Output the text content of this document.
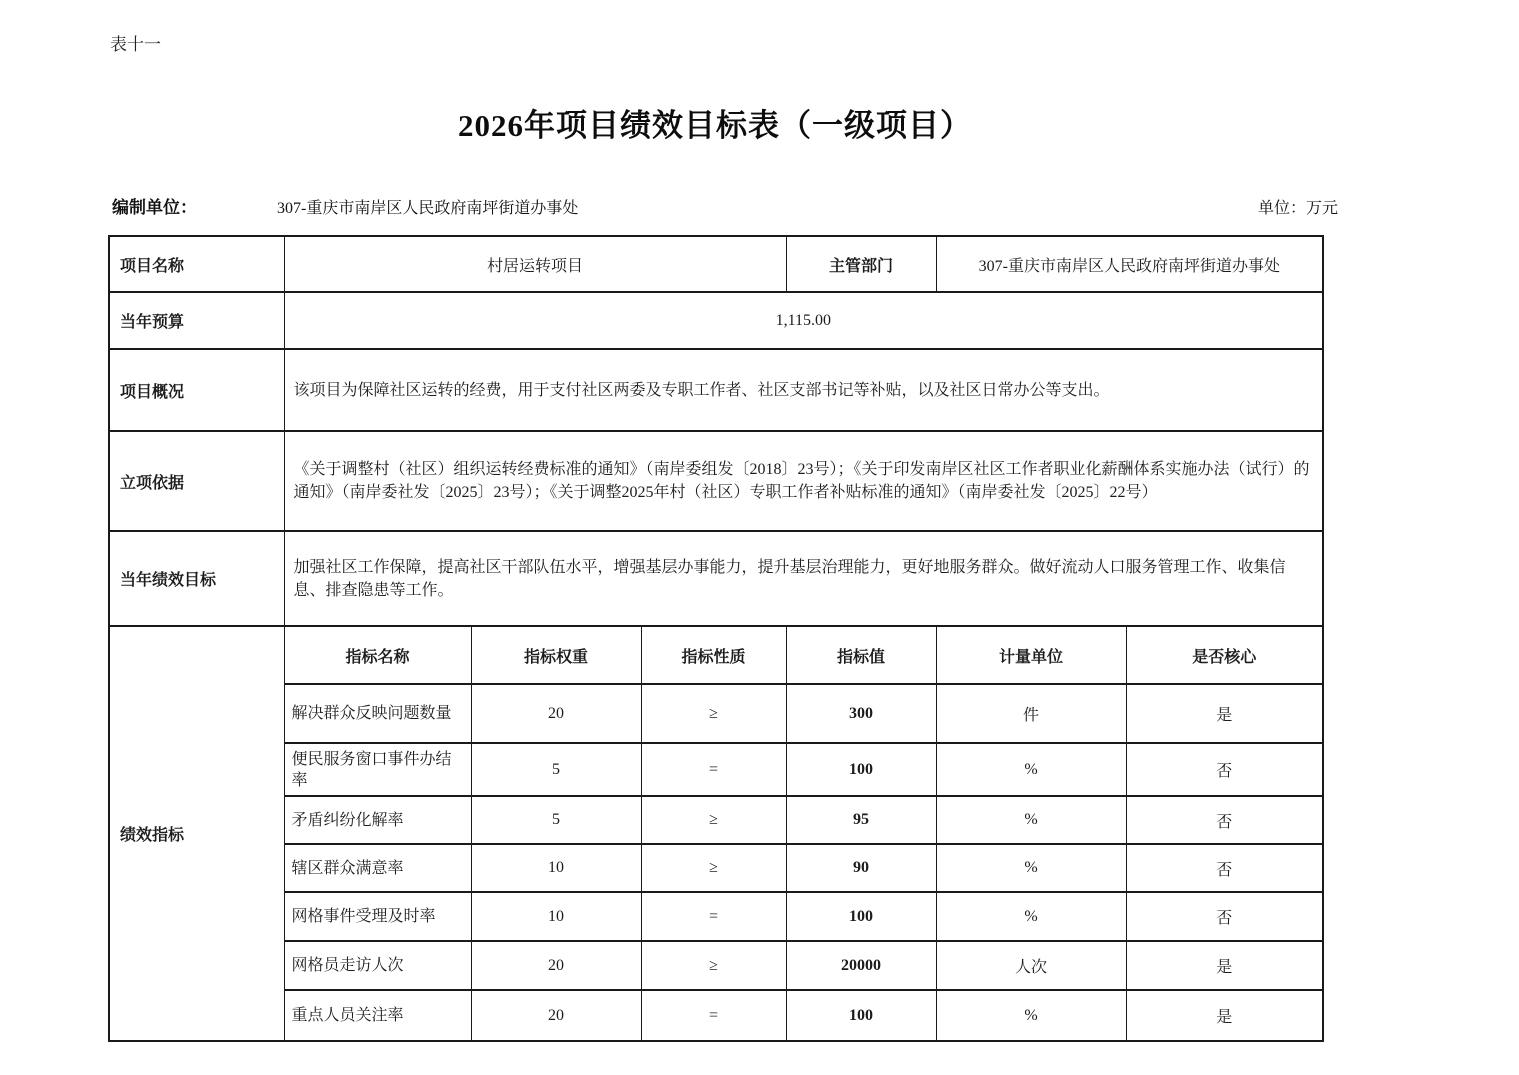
表十一
2026年项目绩效目标表（一级项目）
编制单位：	307-重庆市南岸区人民政府南坪街道办事处	单位：万元
项目名称	村居运转项目			主管部门	307-重庆市南岸区人民政府南坪街道办事处	
当年预算	1,115.00					
项目概况	该项目为保障社区运转的经费，用于支付社区两委及专职工作者、社区支部书记等补贴，以及社区日常办公等支出。					
立项依据	《关于调整村（社区）组织运转经费标准的通知》（南岸委组发〔2018〕23号）；《关于印发南岸区社区工作者职业化薪酬体系实施办法（试行）的通知》（南岸委社发〔2025〕23号）；《关于调整2025年村（社区）专职工作者补贴标准的通知》（南岸委社发〔2025〕22号）					
当年绩效目标	加强社区工作保障，提高社区干部队伍水平，增强基层办事能力，提升基层治理能力，更好地服务群众。做好流动人口服务管理工作、收集信息、排查隐患等工作。					
绩效指标	指标名称	指标权重	指标性质	指标值	计量单位	是否核心
	解决群众反映问题数量	20	≥	300	件	是
	便民服务窗口事件办结率	5	=	100	%	否
	矛盾纠纷化解率	5	≥	95	%	否
	辖区群众满意率	10	≥	90	%	否
	网格事件受理及时率	10	=	100	%	否
	网格员走访人次	20	≥	20000	人次	是
	重点人员关注率	20	=	100	%	是
